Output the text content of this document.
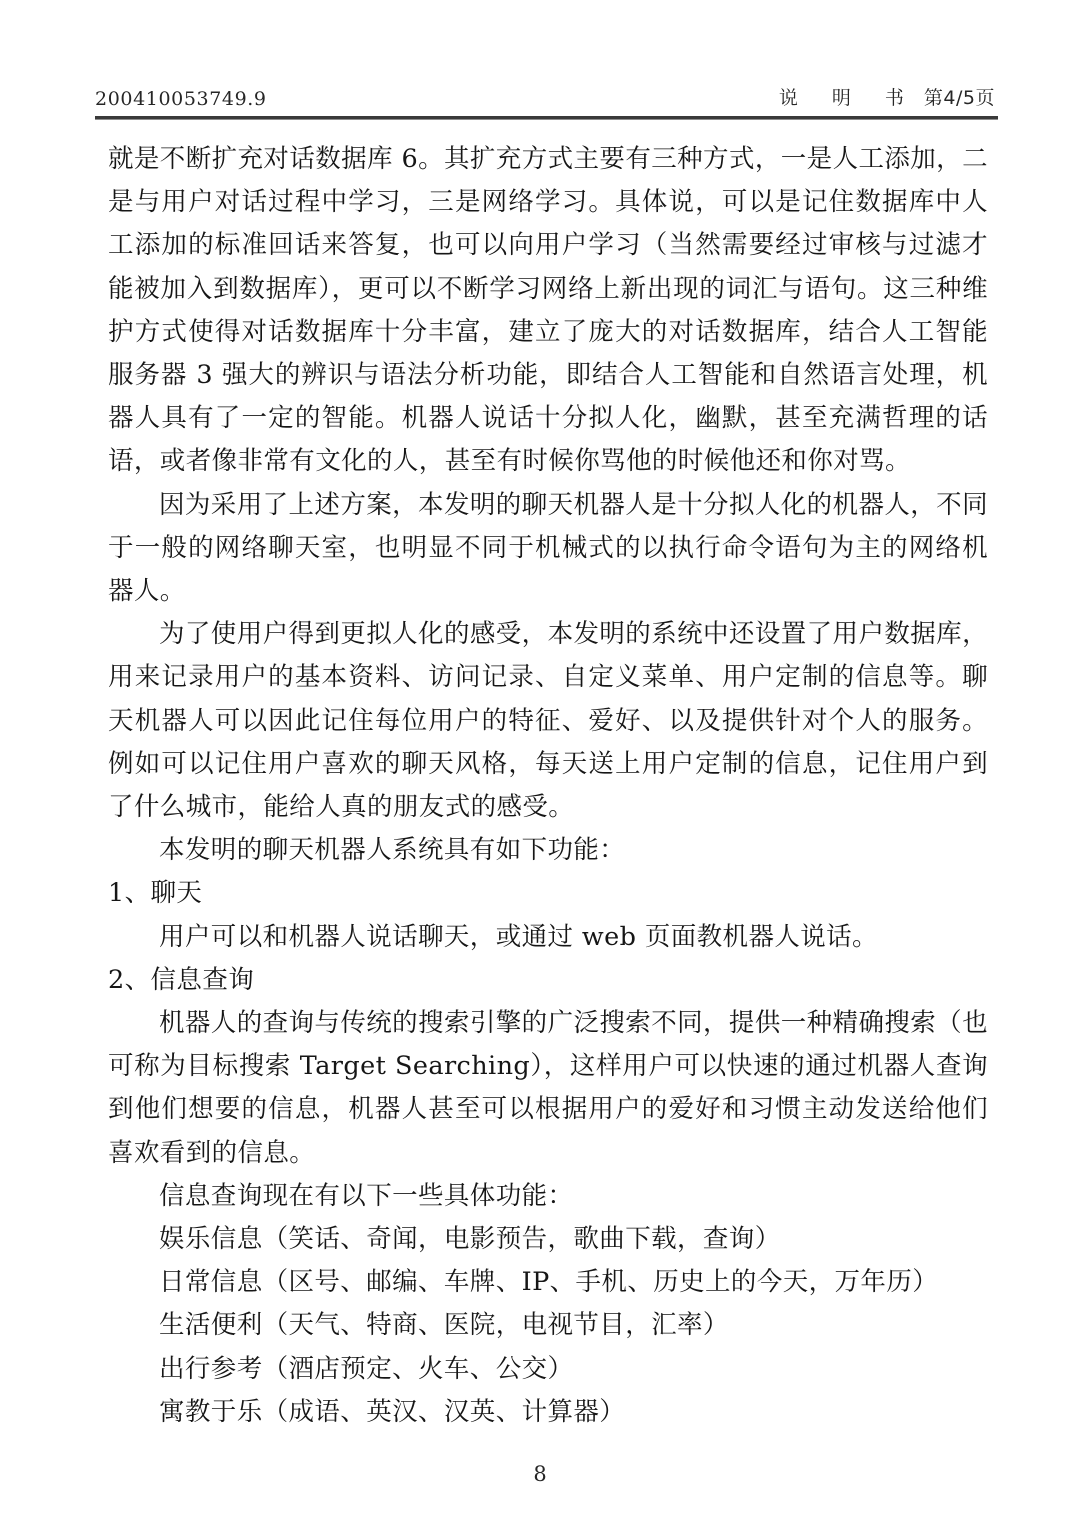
200410053749.9	说 明 书 第4/5页

就是不断扩充对话数据库 6。其扩充方式主要有三种方式，一是人工添加，二是与用户对话过程中学习，三是网络学习。具体说，可以是记住数据库中人工添加的标准回话来答复，也可以向用户学习（当然需要经过审核与过滤才能被加入到数据库），更可以不断学习网络上新出现的词汇与语句。这三种维护方式使得对话数据库十分丰富，建立了庞大的对话数据库，结合人工智能服务器 3 强大的辨识与语法分析功能，即结合人工智能和自然语言处理，机器人具有了一定的智能。机器人说话十分拟人化，幽默，甚至充满哲理的话语，或者像非常有文化的人，甚至有时候你骂他的时候他还和你对骂。

因为采用了上述方案，本发明的聊天机器人是十分拟人化的机器人，不同于一般的网络聊天室，也明显不同于机械式的以执行命令语句为主的网络机器人。

为了使用户得到更拟人化的感受，本发明的系统中还设置了用户数据库，用来记录用户的基本资料、访问记录、自定义菜单、用户定制的信息等。聊天机器人可以因此记住每位用户的特征、爱好、以及提供针对个人的服务。例如可以记住用户喜欢的聊天风格，每天送上用户定制的信息，记住用户到了什么城市，能给人真的朋友式的感受。

本发明的聊天机器人系统具有如下功能：

1、聊天

用户可以和机器人说话聊天，或通过 web 页面教机器人说话。

2、信息查询

机器人的查询与传统的搜索引擎的广泛搜索不同，提供一种精确搜索（也可称为目标搜索 Target Searching），这样用户可以快速的通过机器人查询到他们想要的信息，机器人甚至可以根据用户的爱好和习惯主动发送给他们喜欢看到的信息。

信息查询现在有以下一些具体功能：

娱乐信息（笑话、奇闻，电影预告，歌曲下载，查询）

日常信息（区号、邮编、车牌、IP、手机、历史上的今天，万年历）

生活便利（天气、特商、医院，电视节目，汇率）

出行参考（酒店预定、火车、公交）

寓教于乐（成语、英汉、汉英、计算器）

8
